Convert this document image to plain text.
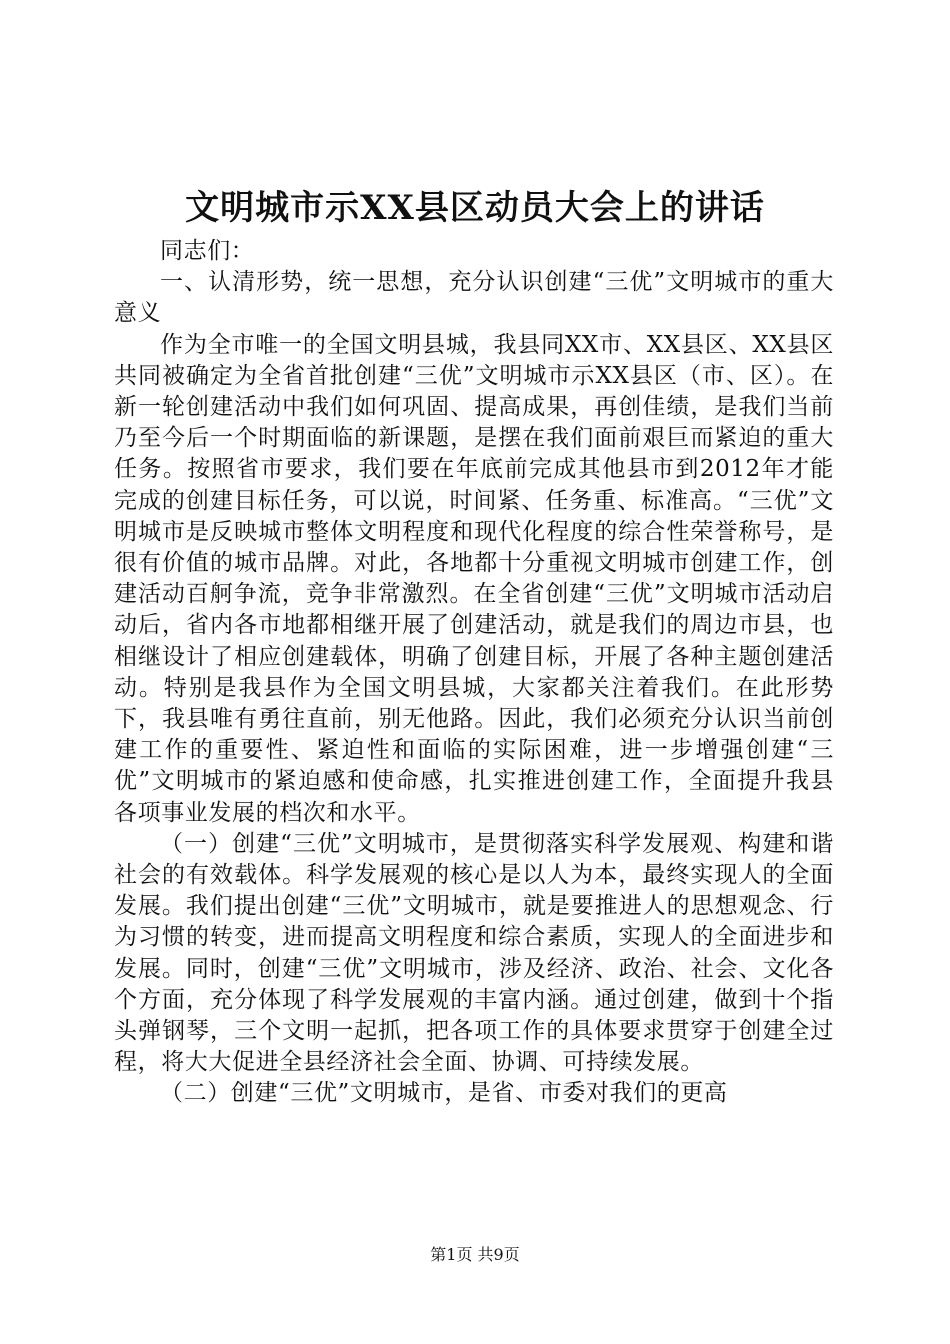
文明城市示XX县区动员大会上的讲话

同志们：

一、认清形势，统一思想，充分认识创建“三优”文明城市的重大意义

作为全市唯一的全国文明县城，我县同XX市、XX县区、XX县区共同被确定为全省首批创建“三优”文明城市示XX县区（市、区）。在新一轮创建活动中我们如何巩固、提高成果，再创佳绩，是我们当前乃至今后一个时期面临的新课题，是摆在我们面前艰巨而紧迫的重大任务。按照省市要求，我们要在年底前完成其他县市到2012年才能完成的创建目标任务，可以说，时间紧、任务重、标准高。“三优”文明城市是反映城市整体文明程度和现代化程度的综合性荣誉称号，是很有价值的城市品牌。对此，各地都十分重视文明城市创建工作，创建活动百舸争流，竞争非常激烈。在全省创建“三优”文明城市活动启动后，省内各市地都相继开展了创建活动，就是我们的周边市县，也相继设计了相应创建载体，明确了创建目标，开展了各种主题创建活动。特别是我县作为全国文明县城，大家都关注着我们。在此形势下，我县唯有勇往直前，别无他路。因此，我们必须充分认识当前创建工作的重要性、紧迫性和面临的实际困难，进一步增强创建“三优”文明城市的紧迫感和使命感，扎实推进创建工作，全面提升我县各项事业发展的档次和水平。

（一）创建“三优”文明城市，是贯彻落实科学发展观、构建和谐社会的有效载体。科学发展观的核心是以人为本，最终实现人的全面发展。我们提出创建“三优”文明城市，就是要推进人的思想观念、行为习惯的转变，进而提高文明程度和综合素质，实现人的全面进步和发展。同时，创建“三优”文明城市，涉及经济、政治、社会、文化各个方面，充分体现了科学发展观的丰富内涵。通过创建，做到十个指头弹钢琴，三个文明一起抓，把各项工作的具体要求贯穿于创建全过程，将大大促进全县经济社会全面、协调、可持续发展。

（二）创建“三优”文明城市，是省、市委对我们的更高

第1页 共9页
